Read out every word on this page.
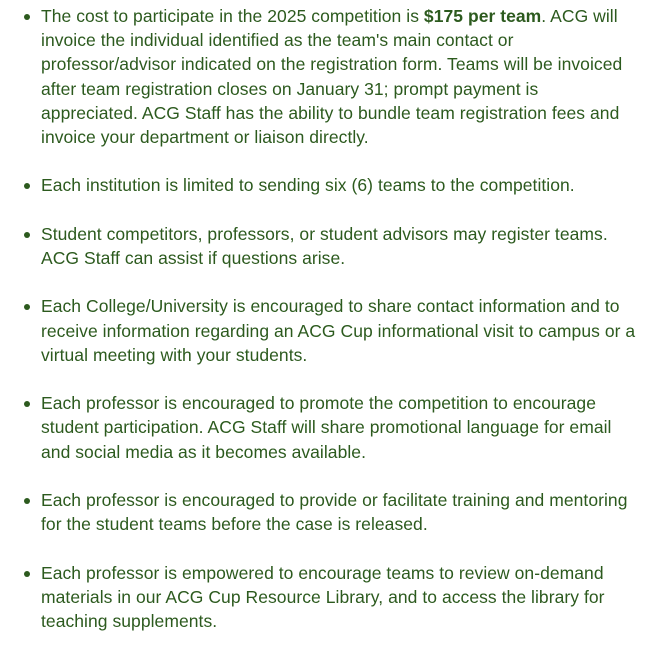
The cost to participate in the 2025 competition is $175 per team. ACG will invoice the individual identified as the team's main contact or professor/advisor indicated on the registration form. Teams will be invoiced after team registration closes on January 31; prompt payment is appreciated. ACG Staff has the ability to bundle team registration fees and invoice your department or liaison directly.
Each institution is limited to sending six (6) teams to the competition.
Student competitors, professors, or student advisors may register teams. ACG Staff can assist if questions arise.
Each College/University is encouraged to share contact information and to receive information regarding an ACG Cup informational visit to campus or a virtual meeting with your students.
Each professor is encouraged to promote the competition to encourage student participation. ACG Staff will share promotional language for email and social media as it becomes available.
Each professor is encouraged to provide or facilitate training and mentoring for the student teams before the case is released.
Each professor is empowered to encourage teams to review on-demand materials in our ACG Cup Resource Library, and to access the library for teaching supplements.
